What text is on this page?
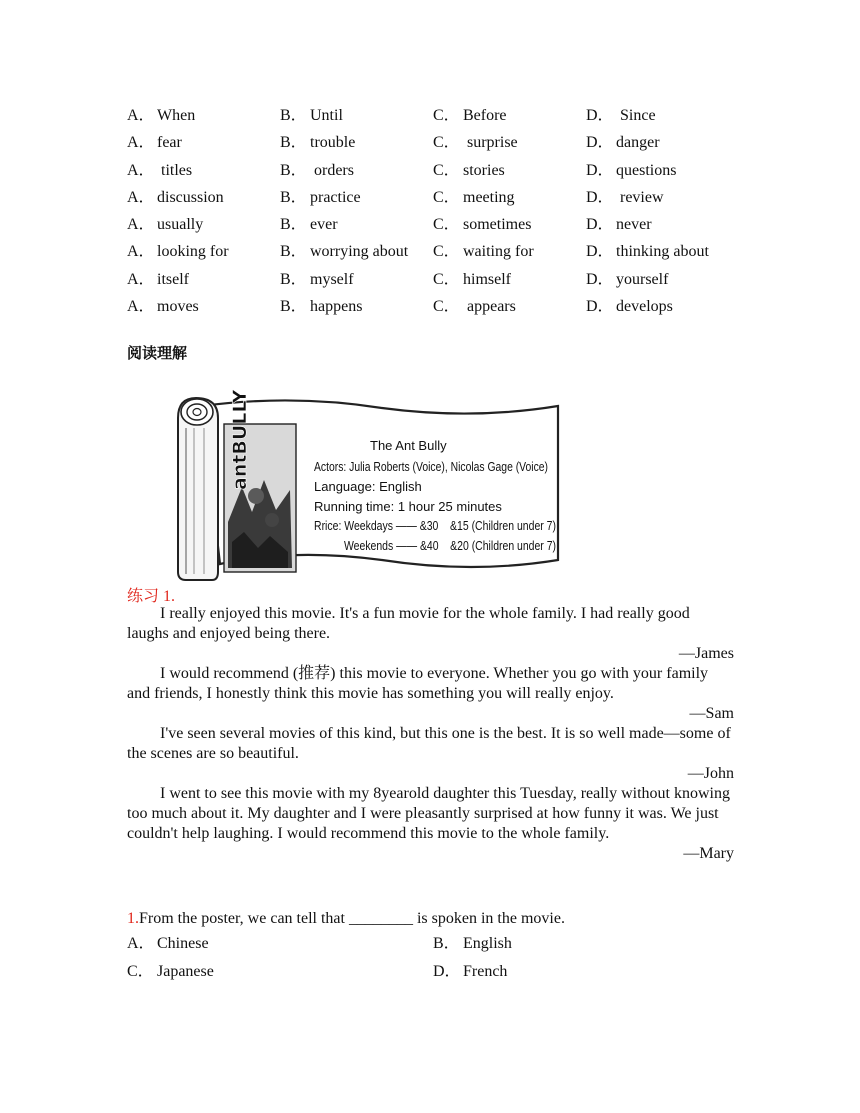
A． When	B． Until	C． Before	D． Since
A． fear	B． trouble	C． surprise	D． danger
A． titles	B． orders	C． stories	D． questions
A． discussion	B． practice	C． meeting	D． review
A． usually	B． ever	C． sometimes	D． never
A． looking for	B． worrying about	C． waiting for	D． thinking about
A． itself	B． myself	C． himself	D． yourself
A． moves	B． happens	C． appears	D． develops
阅读理解
antBULLY	The Ant Bully
Actors: Julia Roberts (Voice), Nicolas Gage (Voice)
Language: English
Running time: 1 hour 25 minutes
Rrice: Weekdays —— &30    &15 (Children under 7)
Weekends —— &40    &20 (Children under 7)
练习 1.

I really enjoyed this movie. It's a fun movie for the whole family. I had really good laughs and enjoyed being there.

—James

I would recommend (推荐) this movie to everyone. Whether you go with your family and friends, I honestly think this movie has something you will really enjoy.

—Sam

I've seen several movies of this kind, but this one is the best. It is so well made—some of the scenes are so beautiful.

—John

I went to see this movie with my 8yearold daughter this Tuesday, really without knowing too much about it. My daughter and I were pleasantly surprised at how funny it was. We just couldn't help laughing. I would recommend this movie to the whole family.

—Mary
1.From the poster, we can tell that ________ is spoken in the movie.
A． Chinese	B． English
C． Japanese	D． French
